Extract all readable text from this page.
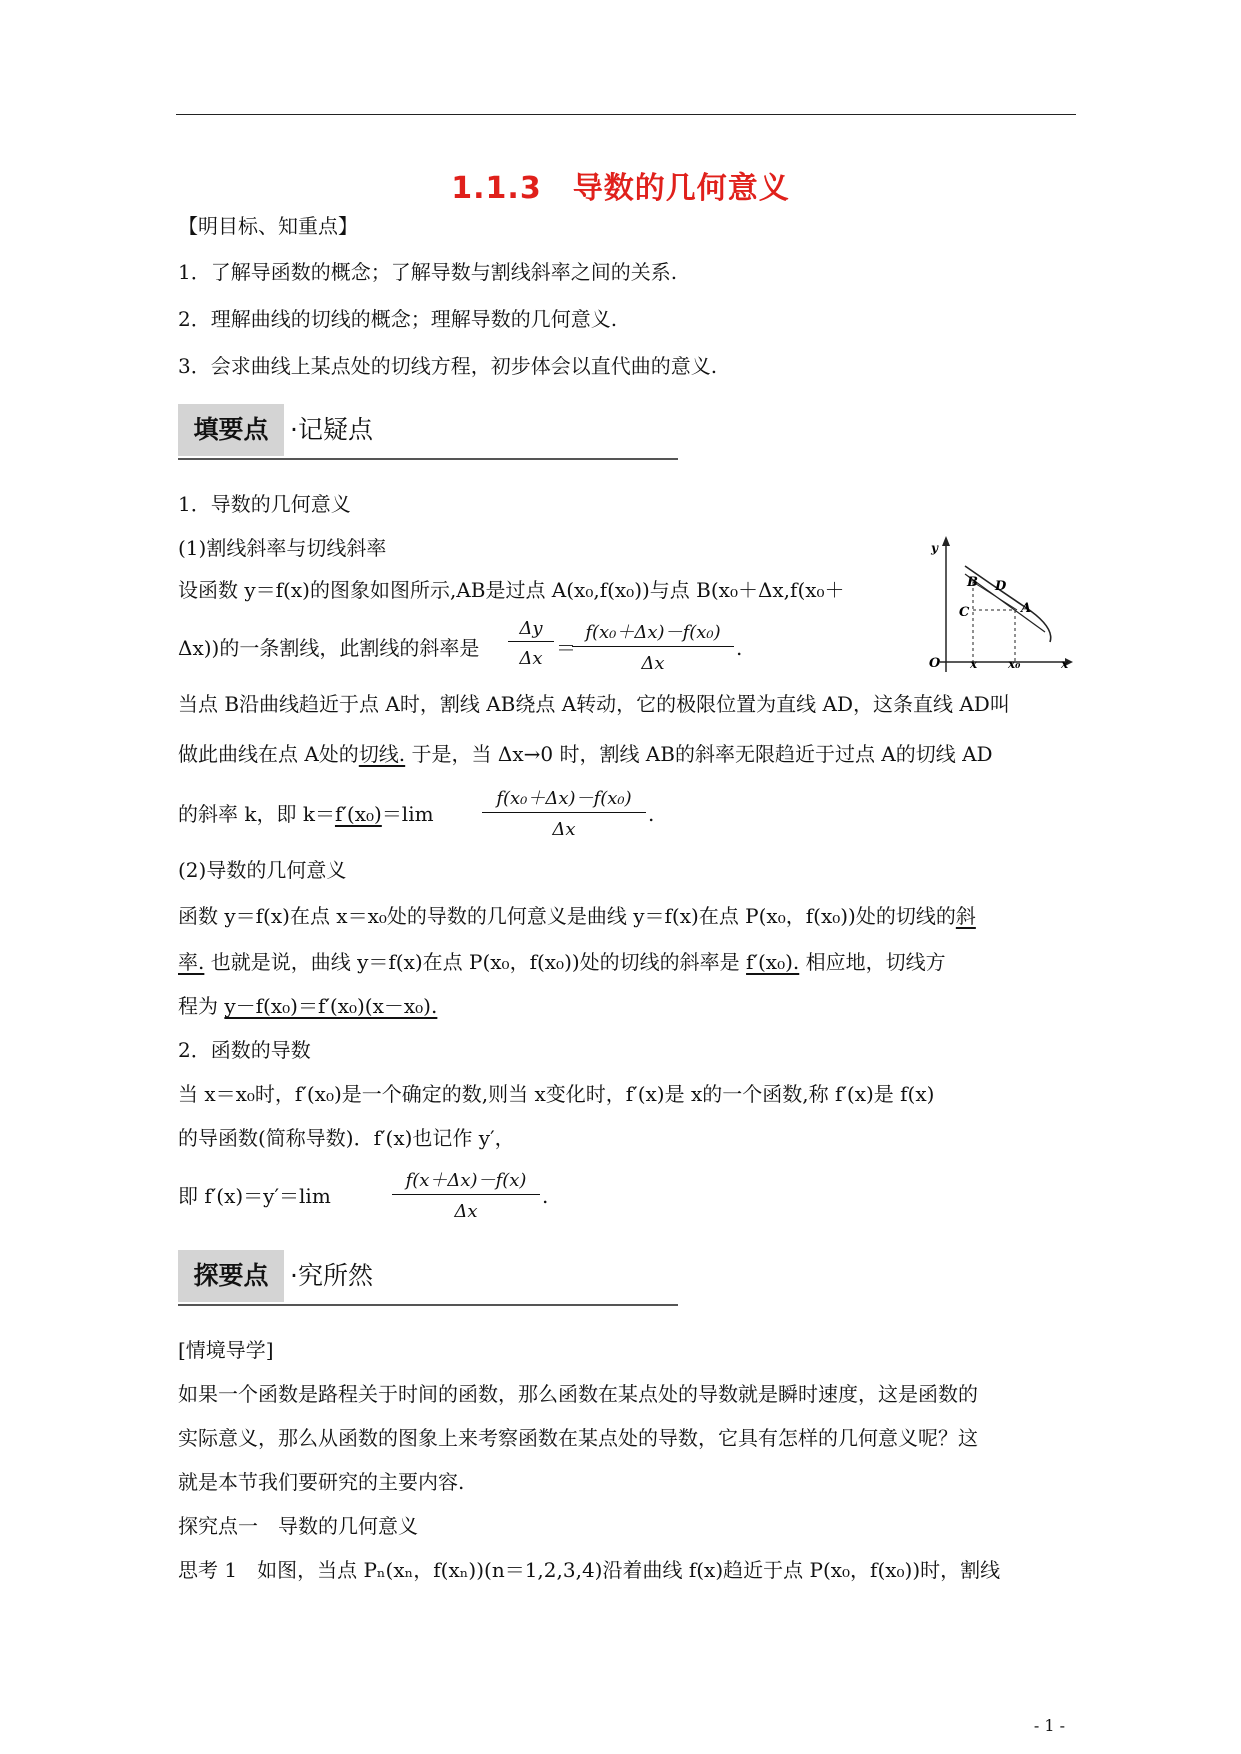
1.1.3　导数的几何意义
【明目标、知重点】
1．了解导函数的概念；了解导数与割线斜率之间的关系.
2．理解曲线的切线的概念；理解导数的几何意义.
3．会求曲线上某点处的切线方程，初步体会以直代曲的意义.
填要点 ·记疑点
1．导数的几何意义
(1)割线斜率与切线斜率
设函数 y＝f(x)的图象如图所示,AB是过点 A(x₀,f(x₀))与点 B(x₀＋Δx,f(x₀＋
Δx))的一条割线，此割线的斜率是 $\frac{\Delta y}{\Delta x}$ ＝
$\frac{\text{f(x₀＋Δx)－f(x₀)}}{\Delta x}$ .
当点 B沿曲线趋近于点 A时，割线 AB绕点 A转动，它的极限位置为直线 AD，这条直线 AD叫
做此曲线在点 A处的切线. 于是，当 Δx→0 时，割线 AB的斜率无限趋近于过点 A的切线 AD
的斜率 k，即 k＝f′(x₀)＝lim	$\frac{\text{f(x₀＋Δx)－f(x₀)}}{\Delta x}$ .
(2)导数的几何意义
函数 y＝f(x)在点 x＝x₀处的导数的几何意义是曲线 y＝f(x)在点 P(x₀，f(x₀))处的切线的斜
率. 也就是说，曲线 y＝f(x)在点 P(x₀，f(x₀))处的切线的斜率是 f′(x₀). 相应地，切线方
程为 y－f(x₀)＝f′(x₀)(x－x₀).
2．函数的导数
当 x＝x₀时，f′(x₀)是一个确定的数,则当 x变化时，f′(x)是 x的一个函数,称 f′(x)是 f(x)
的导函数(简称导数)．f′(x)也记作 y′，
即 f′(x)＝y′＝lim	$\frac{f(x+\Delta x)-f(x)}{\Delta x}$ .
y
B D
C	A
O x	x₀	x
探要点 ·究所然
[情境导学]
如果一个函数是路程关于时间的函数，那么函数在某点处的导数就是瞬时速度，这是函数的
实际意义，那么从函数的图象上来考察函数在某点处的导数，它具有怎样的几何意义呢？这
就是本节我们要研究的主要内容.
探究点一　导数的几何意义
思考 1　如图，当点 Pₙ(xₙ，f(xₙ))(n＝1,2,3,4)沿着曲线 f(x)趋近于点 P(x₀，f(x₀))时，割线
- 1 -
